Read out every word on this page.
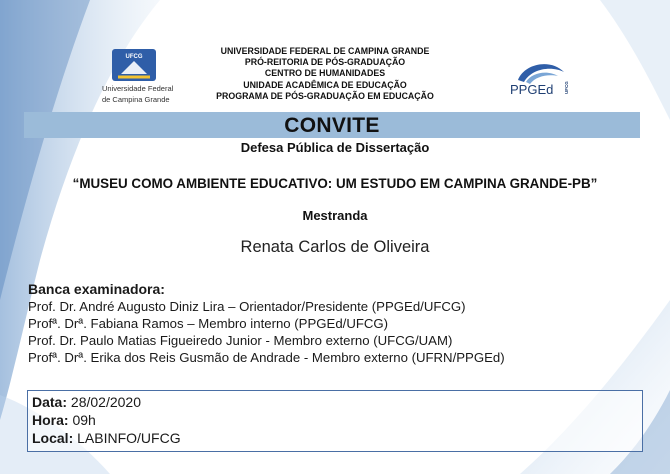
UFCG
Universidade Federal
de Campina Grande
UNIVERSIDADE FEDERAL DE CAMPINA GRANDE
PRÓ-REITORIA DE PÓS-GRADUAÇÃO
CENTRO DE HUMANIDADES
UNIDADE ACADÊMICA DE EDUCAÇÃO
PROGRAMA DE PÓS-GRADUAÇÃO EM EDUCAÇÃO	PPGEd UFCG
CONVITE
Defesa Pública de Dissertação
“MUSEU COMO AMBIENTE EDUCATIVO: UM ESTUDO EM CAMPINA GRANDE-PB”
Mestranda
Renata Carlos de Oliveira
Banca examinadora:
Prof. Dr. André Augusto Diniz Lira – Orientador/Presidente (PPGEd/UFCG)
Profª. Drª. Fabiana Ramos – Membro interno (PPGEd/UFCG)
Prof. Dr. Paulo Matias Figueiredo Junior - Membro externo (UFCG/UAM)
Profª. Drª. Erika dos Reis Gusmão de Andrade - Membro externo (UFRN/PPGEd)
Data: 28/02/2020
Hora: 09h
Local: LABINFO/UFCG
